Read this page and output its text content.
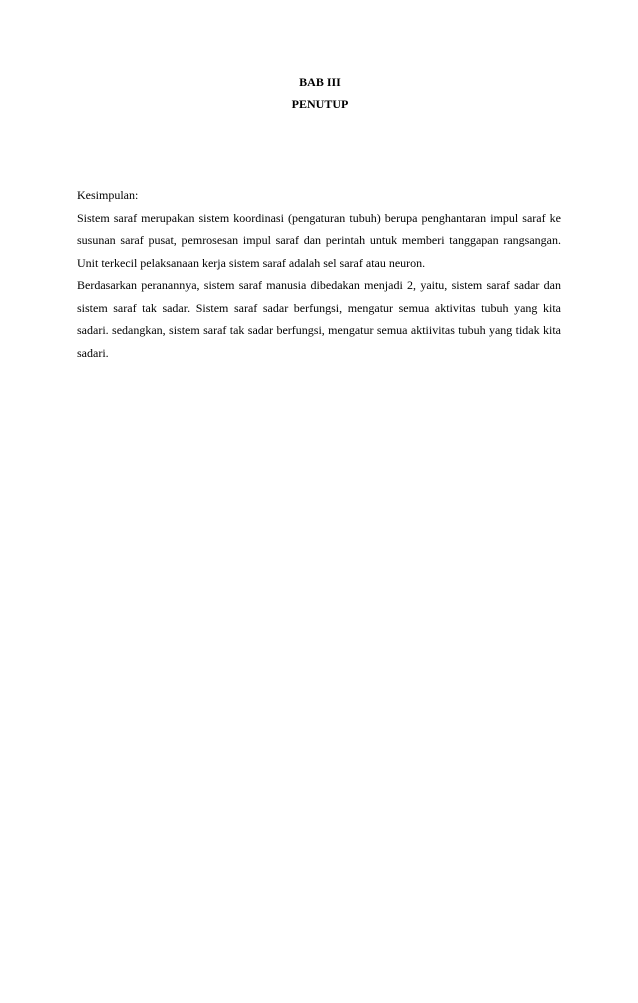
BAB III
PENUTUP
Kesimpulan:

Sistem saraf merupakan sistem koordinasi (pengaturan tubuh) berupa penghantaran impul saraf ke susunan saraf pusat, pemrosesan impul saraf dan perintah untuk memberi tanggapan rangsangan. Unit terkecil pelaksanaan kerja sistem saraf adalah sel saraf atau neuron.

Berdasarkan peranannya, sistem saraf manusia dibedakan menjadi 2, yaitu, sistem saraf sadar dan sistem saraf tak sadar. Sistem saraf sadar berfungsi, mengatur semua aktivitas tubuh yang kita sadari. sedangkan, sistem saraf tak sadar berfungsi, mengatur semua aktiivitas tubuh yang tidak kita sadari.
